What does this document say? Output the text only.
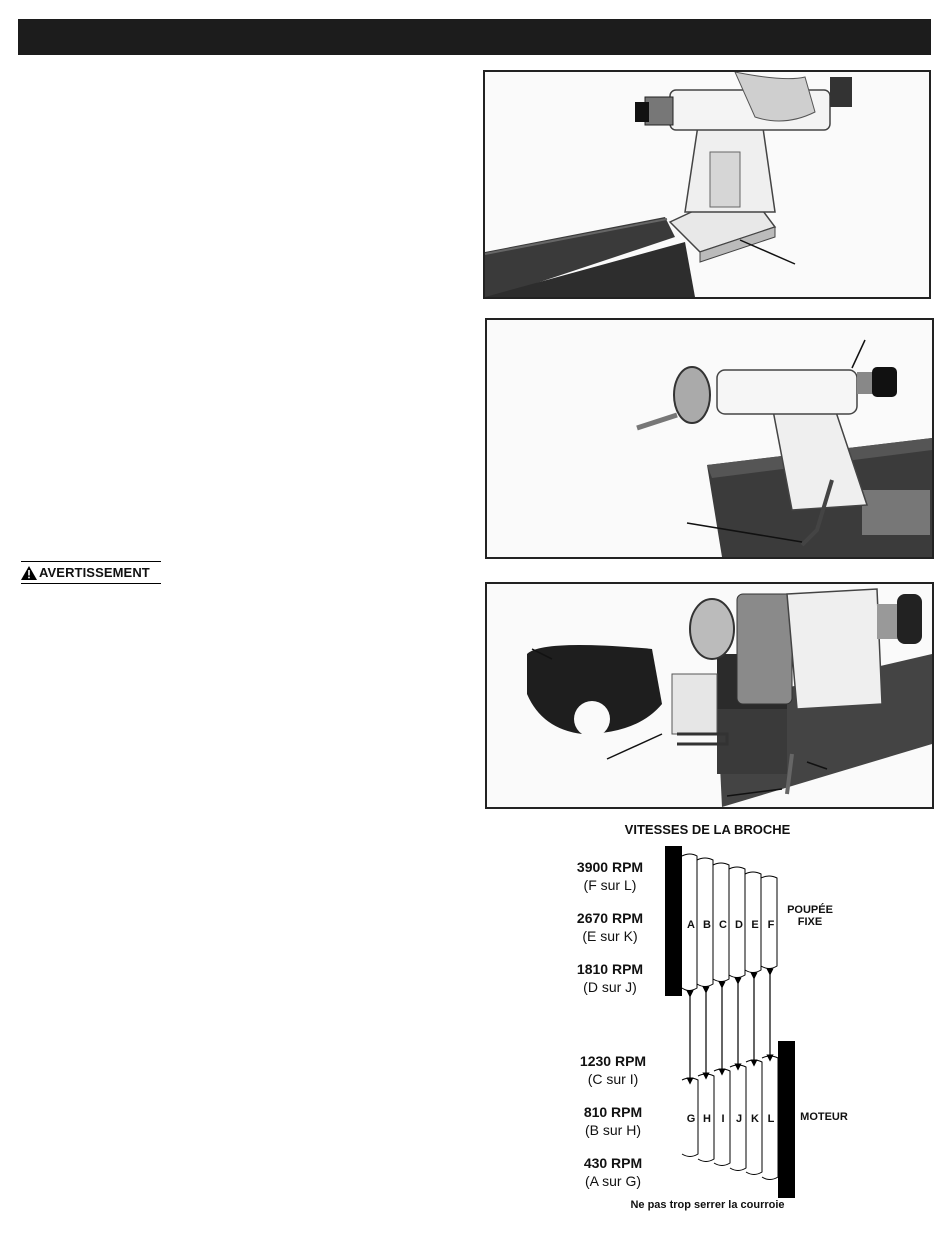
AVERTISSEMENT
VITESSES DE LA BROCHE
3900 RPM
(F sur L)
2670 RPM
(E sur K)
1810 RPM
(D sur J)
1230 RPM
(C sur I)
810 RPM
(B sur H)
430 RPM
(A sur G)
A B C D E F
G H I	J K L
POUPÉE
FIXE
MOTEUR
Ne pas trop serrer la courroie
